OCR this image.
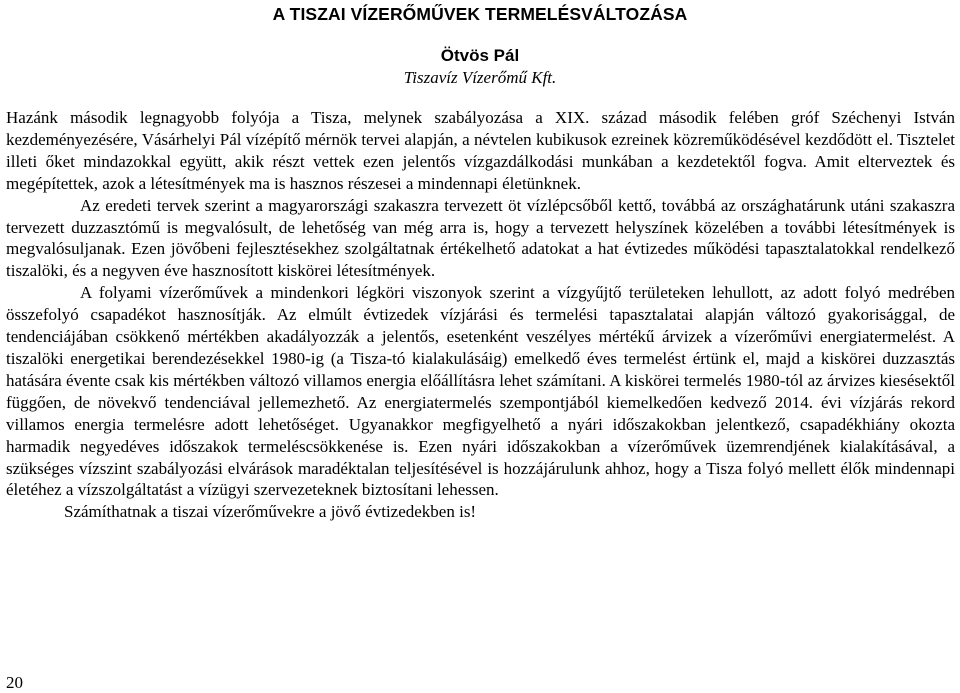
A TISZAI VÍZERŐMŰVEK TERMELÉSVÁLTOZÁSA
Ötvös Pál
Tiszavíz Vízerőmű Kft.

Hazánk második legnagyobb folyója a Tisza, melynek szabályozása a XIX. század második felében gróf Széchenyi István kezdeményezésére, Vásárhelyi Pál vízépítő mérnök tervei alapján, a névtelen kubikusok ezreinek közreműködésével kezdődött el. Tisztelet illeti őket mindazokkal együtt, akik részt vettek ezen jelentős vízgazdálkodási munkában a kezdetektől fogva. Amit elterveztek és megépítettek, azok a létesítmények ma is hasznos részesei a mindennapi életünknek.

Az eredeti tervek szerint a magyarországi szakaszra tervezett öt vízlépcsőből kettő, továbbá az országhatárunk utáni szakaszra tervezett duzzasztómű is megvalósult, de lehetőség van még arra is, hogy a tervezett helyszínek közelében a további létesítmények is megvalósuljanak. Ezen jövőbeni fejlesztésekhez szolgáltatnak értékelhető adatokat a hat évtizedes működési tapasztalatokkal rendelkező tiszalöki, és a negyven éve hasznosított kiskörei létesítmények.

A folyami vízerőművek a mindenkori légköri viszonyok szerint a vízgyűjtő területeken lehullott, az adott folyó medrében összefolyó csapadékot hasznosítják. Az elmúlt évtizedek vízjárási és termelési tapasztalatai alapján változó gyakorisággal, de tendenciájában csökkenő mértékben akadályozzák a jelentős, esetenként veszélyes mértékű árvizek a vízerőművi energiatermelést. A tiszalöki energetikai berendezésekkel 1980-ig (a Tisza-tó kialakulásáig) emelkedő éves termelést értünk el, majd a kiskörei duzzasztás hatására évente csak kis mértékben változó villamos energia előállításra lehet számítani. A kiskörei termelés 1980-tól az árvizes kiesésektől függően, de növekvő tendenciával jellemezhető. Az energiatermelés szempontjából kiemelkedően kedvező 2014. évi vízjárás rekord villamos energia termelésre adott lehetőséget. Ugyanakkor megfigyelhető a nyári időszakokban jelentkező, csapadékhiány okozta harmadik negyedéves időszakok termeléscsökkenése is. Ezen nyári időszakokban a vízerőművek üzemrendjének kialakításával, a szükséges vízszint szabályozási elvárások maradéktalan teljesítésével is hozzájárulunk ahhoz, hogy a Tisza folyó mellett élők mindennapi életéhez a vízszolgáltatást a vízügyi szervezeteknek biztosítani lehessen.

Számíthatnak a tiszai vízerőművekre a jövő évtizedekben is!

20
